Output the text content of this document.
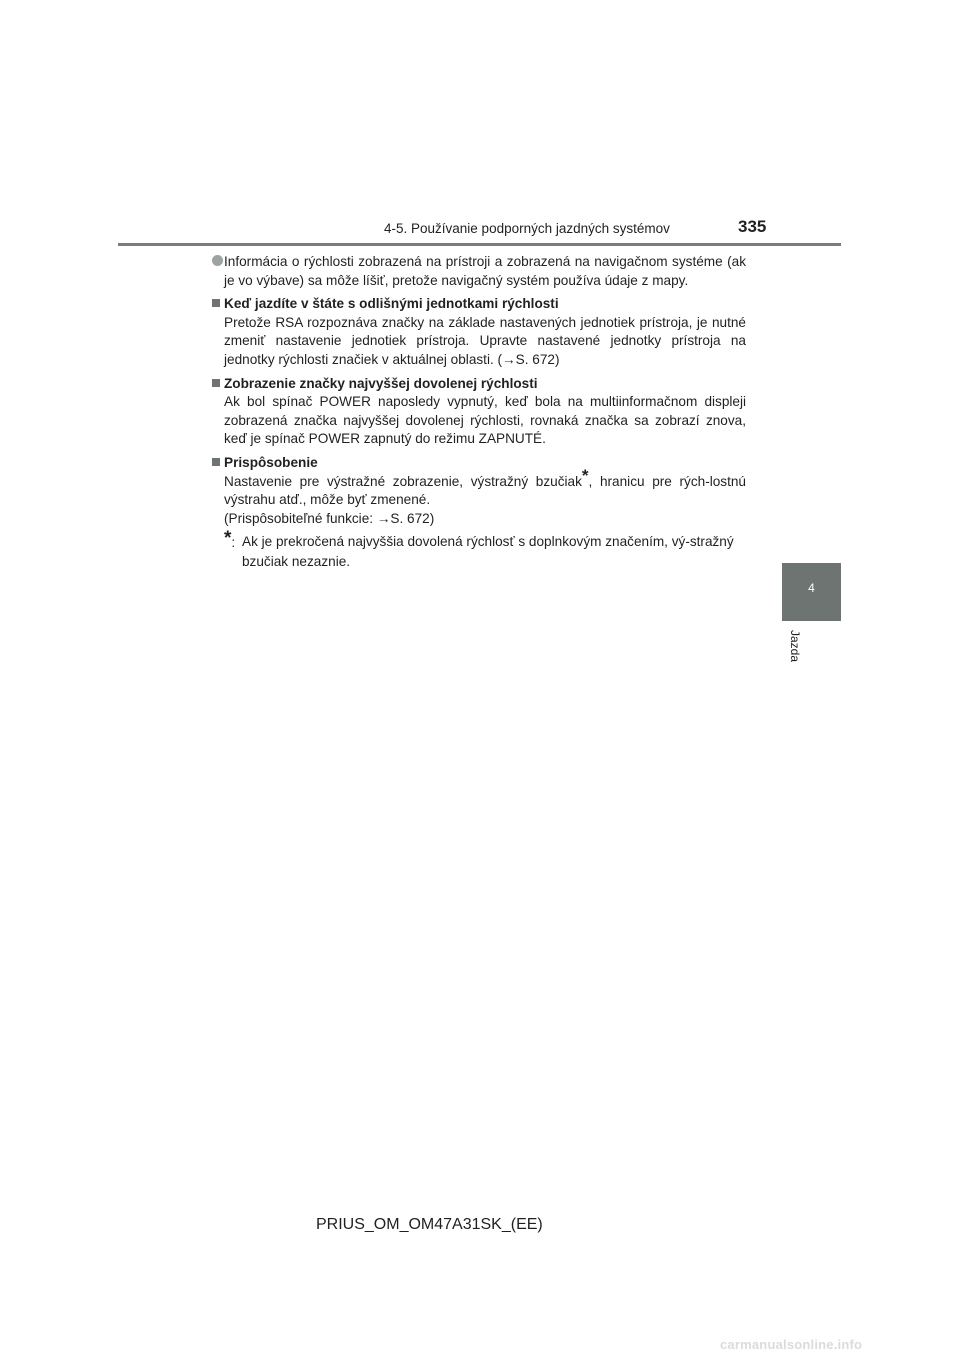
4-5. Používanie podporných jazdných systémov	335
4
Jazda

Informácia o rýchlosti zobrazená na prístroji a zobrazená na navigačnom systéme (ak je vo výbave) sa môže líšiť, pretože navigačný systém používa údaje z mapy.

Keď jazdíte v štáte s odlišnými jednotkami rýchlosti

Pretože RSA rozpoznáva značky na základe nastavených jednotiek prístroja, je nutné zmeniť nastavenie jednotiek prístroja. Upravte nastavené jednotky prístroja na jednotky rýchlosti značiek v aktuálnej oblasti. (→S. 672)

Zobrazenie značky najvyššej dovolenej rýchlosti

Ak bol spínač POWER naposledy vypnutý, keď bola na multiinformačnom displeji zobrazená značka najvyššej dovolenej rýchlosti, rovnaká značka sa zobrazí znova, keď je spínač POWER zapnutý do režimu ZAPNUTÉ.

Prispôsobenie

Nastavenie pre výstražné zobrazenie, výstražný bzučiak*, hranicu pre rých-lostnú výstrahu atď., môže byť zmenené.

(Prispôsobiteľné funkcie: →S. 672)

*: Ak je prekročená najvyššia dovolená rýchlosť s doplnkovým značením, vý-stražný bzučiak nezaznie.
PRIUS_OM_OM47A31SK_(EE)
carmanualsonline.info
